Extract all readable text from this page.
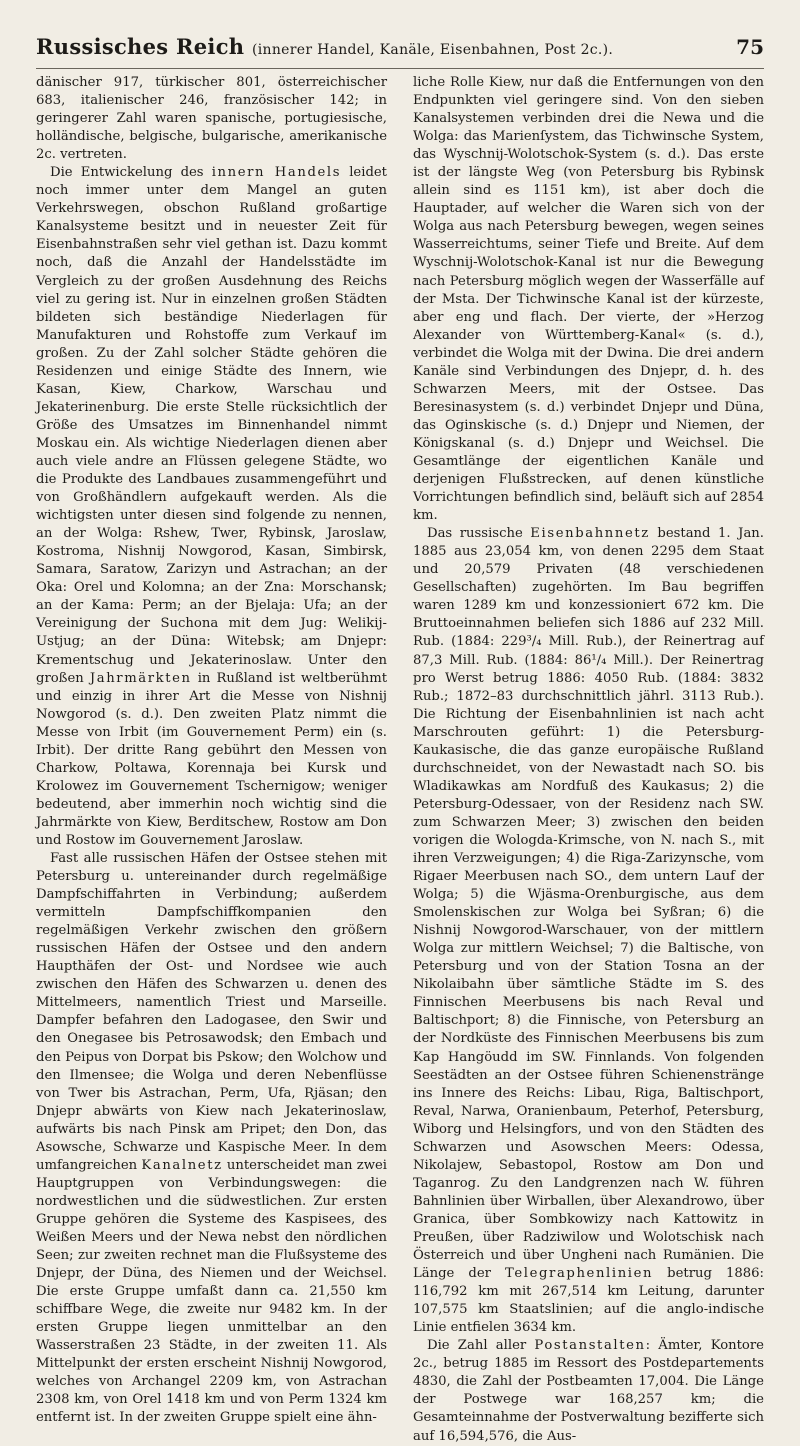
Russisches Reich (innerer Handel, Kanäle, Eisenbahnen, Post 2c.).	75

dänischer 917, türkischer 801, österreichischer 683, italienischer 246, französischer 142; in geringerer Zahl waren spanische, portugiesische, holländische, belgische, bulgarische, amerikanische 2c. vertreten.

Die Entwickelung des innern Handels leidet noch immer unter dem Mangel an guten Verkehrswegen, obschon Rußland großartige Kanalsysteme besitzt und in neuester Zeit für Eisenbahnstraßen sehr viel gethan ist. Dazu kommt noch, daß die Anzahl der Handelsstädte im Vergleich zu der großen Ausdehnung des Reichs viel zu gering ist. Nur in einzelnen großen Städten bildeten sich beständige Niederlagen für Manufakturen und Rohstoffe zum Verkauf im großen. Zu der Zahl solcher Städte gehören die Residenzen und einige Städte des Innern, wie Kasan, Kiew, Charkow, Warschau und Jekaterinenburg. Die erste Stelle rücksichtlich der Größe des Umsatzes im Binnenhandel nimmt Moskau ein. Als wichtige Niederlagen dienen aber auch viele andre an Flüssen gelegene Städte, wo die Produkte des Landbaues zusammengeführt und von Großhändlern aufgekauft werden. Als die wichtigsten unter diesen sind folgende zu nennen, an der Wolga: Rshew, Twer, Rybinsk, Jaroslaw, Kostroma, Nishnij Nowgorod, Kasan, Simbirsk, Samara, Saratow, Zarizyn und Astrachan; an der Oka: Orel und Kolomna; an der Zna: Morschansk; an der Kama: Perm; an der Bjelaja: Ufa; an der Vereinigung der Suchona mit dem Jug: Welikij-Ustjug; an der Düna: Witebsk; am Dnjepr: Krementschug und Jekaterinoslaw. Unter den großen Jahrmärkten in Rußland ist weltberühmt und einzig in ihrer Art die Messe von Nishnij Nowgorod (s. d.). Den zweiten Platz nimmt die Messe von Irbit (im Gouvernement Perm) ein (s. Irbit). Der dritte Rang gebührt den Messen von Charkow, Poltawa, Korennaja bei Kursk und Krolowez im Gouvernement Tschernigow; weniger bedeutend, aber immerhin noch wichtig sind die Jahrmärkte von Kiew, Berditschew, Rostow am Don und Rostow im Gouvernement Jaroslaw.

Fast alle russischen Häfen der Ostsee stehen mit Petersburg u. untereinander durch regelmäßige Dampfschiffahrten in Verbindung; außerdem vermitteln Dampfschiffkompanien den regelmäßigen Verkehr zwischen den größern russischen Häfen der Ostsee und den andern Haupthäfen der Ost- und Nordsee wie auch zwischen den Häfen des Schwarzen u. denen des Mittelmeers, namentlich Triest und Marseille. Dampfer befahren den Ladogasee, den Swir und den Onegasee bis Petrosawodsk; den Embach und den Peipus von Dorpat bis Pskow; den Wolchow und den Ilmensee; die Wolga und deren Nebenflüsse von Twer bis Astrachan, Perm, Ufa, Rjäsan; den Dnjepr abwärts von Kiew nach Jekaterinoslaw, aufwärts bis nach Pinsk am Pripet; den Don, das Asowsche, Schwarze und Kaspische Meer. In dem umfangreichen Kanalnetz unterscheidet man zwei Hauptgruppen von Verbindungswegen: die nordwestlichen und die südwestlichen. Zur ersten Gruppe gehören die Systeme des Kaspisees, des Weißen Meers und der Newa nebst den nördlichen Seen; zur zweiten rechnet man die Flußsysteme des Dnjepr, der Düna, des Niemen und der Weichsel. Die erste Gruppe umfaßt dann ca. 21,550 km schiffbare Wege, die zweite nur 9482 km. In der ersten Gruppe liegen unmittelbar an den Wasserstraßen 23 Städte, in der zweiten 11. Als Mittelpunkt der ersten erscheint Nishnij Nowgorod, welches von Archangel 2209 km, von Astrachan 2308 km, von Orel 1418 km und von Perm 1324 km entfernt ist. In der zweiten Gruppe spielt eine ähn-

liche Rolle Kiew, nur daß die Entfernungen von den Endpunkten viel geringere sind. Von den sieben Kanalsystemen verbinden drei die Newa und die Wolga: das Marienſystem, das Tichwinsche System, das Wyschnij-Wolotschok-System (s. d.). Das erste ist der längste Weg (von Petersburg bis Rybinsk allein sind es 1151 km), ist aber doch die Hauptader, auf welcher die Waren sich von der Wolga aus nach Petersburg bewegen, wegen seines Wasserreichtums, seiner Tiefe und Breite. Auf dem Wyschnij-Wolotschok-Kanal ist nur die Bewegung nach Petersburg möglich wegen der Wasserfälle auf der Msta. Der Tichwinsche Kanal ist der kürzeste, aber eng und flach. Der vierte, der »Herzog Alexander von Württemberg-Kanal« (s. d.), verbindet die Wolga mit der Dwina. Die drei andern Kanäle sind Verbindungen des Dnjepr, d. h. des Schwarzen Meers, mit der Ostsee. Das Beresinasystem (s. d.) verbindet Dnjepr und Düna, das Oginskische (s. d.) Dnjepr und Niemen, der Königskanal (s. d.) Dnjepr und Weichsel. Die Gesamtlänge der eigentlichen Kanäle und derjenigen Flußstrecken, auf denen künstliche Vorrichtungen befindlich sind, beläuft sich auf 2854 km.

Das russische Eisenbahnnetz bestand 1. Jan. 1885 aus 23,054 km, von denen 2295 dem Staat und 20,579 Privaten (48 verschiedenen Gesellschaften) zugehörten. Im Bau begriffen waren 1289 km und konzessioniert 672 km. Die Bruttoeinnahmen beliefen sich 1886 auf 232 Mill. Rub. (1884: 229³/₄ Mill. Rub.), der Reinertrag auf 87,3 Mill. Rub. (1884: 86¹/₄ Mill.). Der Reinertrag pro Werst betrug 1886: 4050 Rub. (1884: 3832 Rub.; 1872–83 durchschnittlich jährl. 3113 Rub.). Die Richtung der Eisenbahnlinien ist nach acht Marschrouten geführt: 1) die Petersburg-Kaukasische, die das ganze europäische Rußland durchschneidet, von der Newastadt nach SO. bis Wladikawkas am Nordfuß des Kaukasus; 2) die Petersburg-Odessaer, von der Residenz nach SW. zum Schwarzen Meer; 3) zwischen den beiden vorigen die Wologda-Krimsche, von N. nach S., mit ihren Verzweigungen; 4) die Riga-Zarizynsche, vom Rigaer Meerbusen nach SO., dem untern Lauf der Wolga; 5) die Wjäsma-Orenburgische, aus dem Smolenskischen zur Wolga bei Syßran; 6) die Nishnij Nowgorod-Warschauer, von der mittlern Wolga zur mittlern Weichsel; 7) die Baltische, von Petersburg und von der Station Tosna an der Nikolaibahn über sämtliche Städte im S. des Finnischen Meerbusens bis nach Reval und Baltischport; 8) die Finnische, von Petersburg an der Nordküste des Finnischen Meerbusens bis zum Kap Hangöudd im SW. Finnlands. Von folgenden Seestädten an der Ostsee führen Schienenstränge ins Innere des Reichs: Libau, Riga, Baltischport, Reval, Narwa, Oranienbaum, Peterhof, Petersburg, Wiborg und Helsingfors, und von den Städten des Schwarzen und Asowschen Meers: Odessa, Nikolajew, Sebastopol, Rostow am Don und Taganrog. Zu den Landgrenzen nach W. führen Bahnlinien über Wirballen, über Alexandrowo, über Granica, über Sombkowizy nach Kattowitz in Preußen, über Radziwilow und Wolotschisk nach Österreich und über Ungheni nach Rumänien. Die Länge der Telegraphenlinien betrug 1886: 116,792 km mit 267,514 km Leitung, darunter 107,575 km Staatslinien; auf die anglo-indische Linie entfielen 3634 km.

Die Zahl aller Postanstalten: Ämter, Kontore 2c., betrug 1885 im Ressort des Postdepartements 4830, die Zahl der Postbeamten 17,004. Die Länge der Postwege war 168,257 km; die Gesamteinnahme der Postverwaltung bezifferte sich auf 16,594,576, die Aus-
